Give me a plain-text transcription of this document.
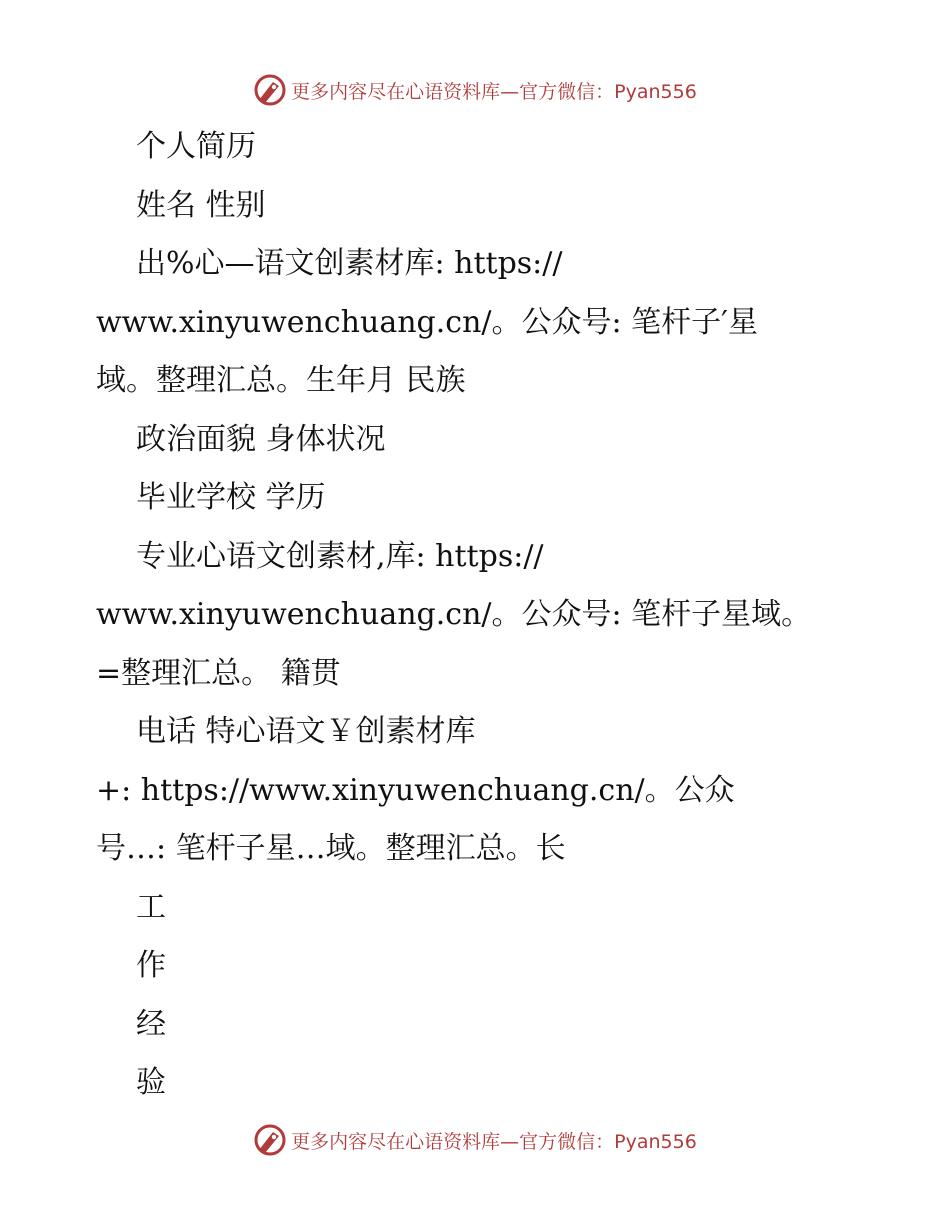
更多内容尽在心语资料库—官方微信：Pyan556
个人简历
姓名 性别
出%心—语文创素材库: https://
www.xinyuwenchuang.cn/。公众号: 笔杆子′星
域。整理汇总。生年月 民族
政治面貌 身体状况
毕业学校 学历
专业心语文创素材,库: https://
www.xinyuwenchuang.cn/。公众号: 笔杆子星域。
=整理汇总。 籍贯
电话 特心语文￥创素材库
+: https://www.xinyuwenchuang.cn/。公众
号…: 笔杆子星…域。整理汇总。长
工
作
经
验
更多内容尽在心语资料库—官方微信：Pyan556
